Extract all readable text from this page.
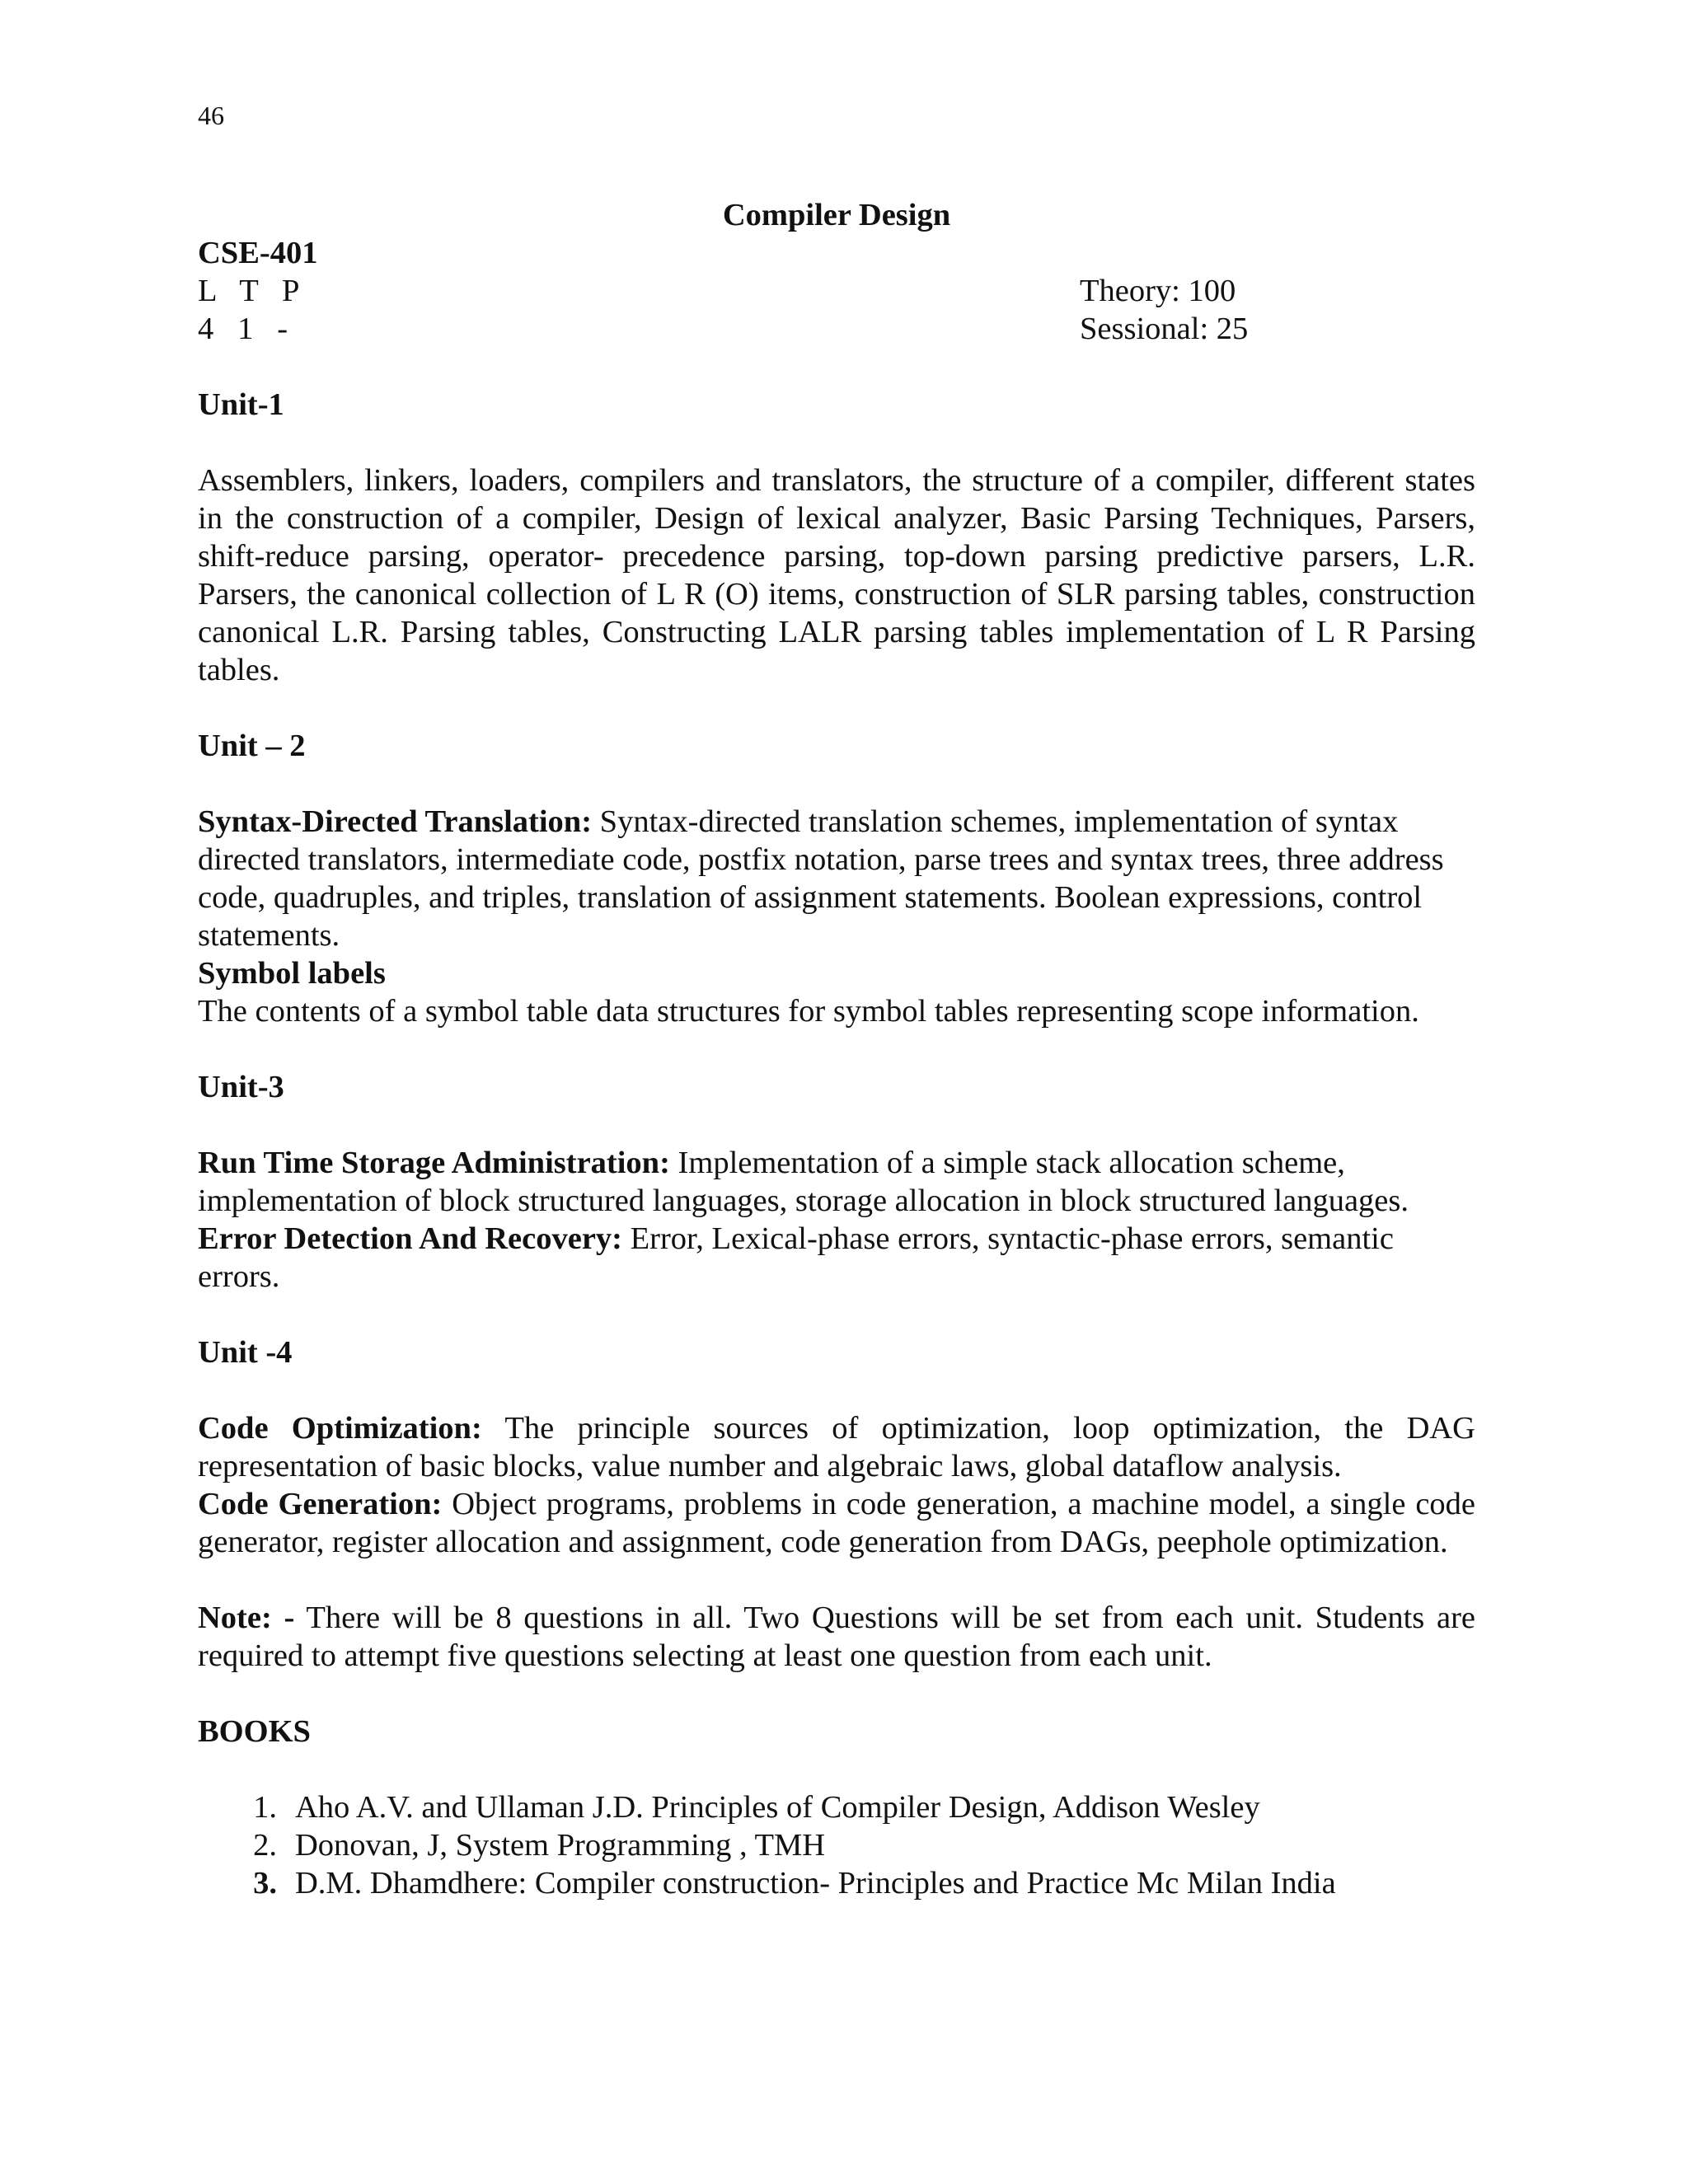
46
Compiler Design
CSE-401
L   T   P	Theory: 100
4   1   -	Sessional: 25
Unit-1

Assemblers, linkers, loaders, compilers and translators, the structure of a compiler, different states in the construction of a compiler, Design of lexical analyzer, Basic Parsing Techniques, Parsers, shift-reduce parsing, operator- precedence parsing, top-down parsing predictive parsers, L.R. Parsers, the canonical collection of L R (O) items, construction of SLR parsing tables, construction canonical L.R. Parsing tables, Constructing LALR parsing tables implementation of L R Parsing tables.

Unit – 2

Syntax-Directed Translation: Syntax-directed translation schemes, implementation of syntax directed translators, intermediate code, postfix notation, parse trees and syntax trees, three address code, quadruples, and triples, translation of assignment statements. Boolean expressions, control statements.

Symbol labels

The contents of a symbol table data structures for symbol tables representing scope information.

Unit-3

Run Time Storage Administration: Implementation of a simple stack allocation scheme, implementation of block structured languages, storage allocation in block structured languages.

Error Detection And Recovery: Error, Lexical-phase errors, syntactic-phase errors, semantic errors.

Unit -4

Code Optimization: The principle sources of optimization, loop optimization, the DAG representation of basic blocks, value number and algebraic laws, global dataflow analysis.

Code Generation: Object programs, problems in code generation, a machine model, a single code generator, register allocation and assignment, code generation from DAGs, peephole optimization.

Note: - There will be 8 questions in all. Two Questions will be set from each unit. Students are required to attempt five questions selecting at least one question from each unit.

BOOKS
1. Aho A.V. and Ullaman J.D. Principles of Compiler Design, Addison Wesley
2. Donovan, J, System Programming , TMH
3. D.M. Dhamdhere: Compiler construction- Principles and Practice Mc Milan India
